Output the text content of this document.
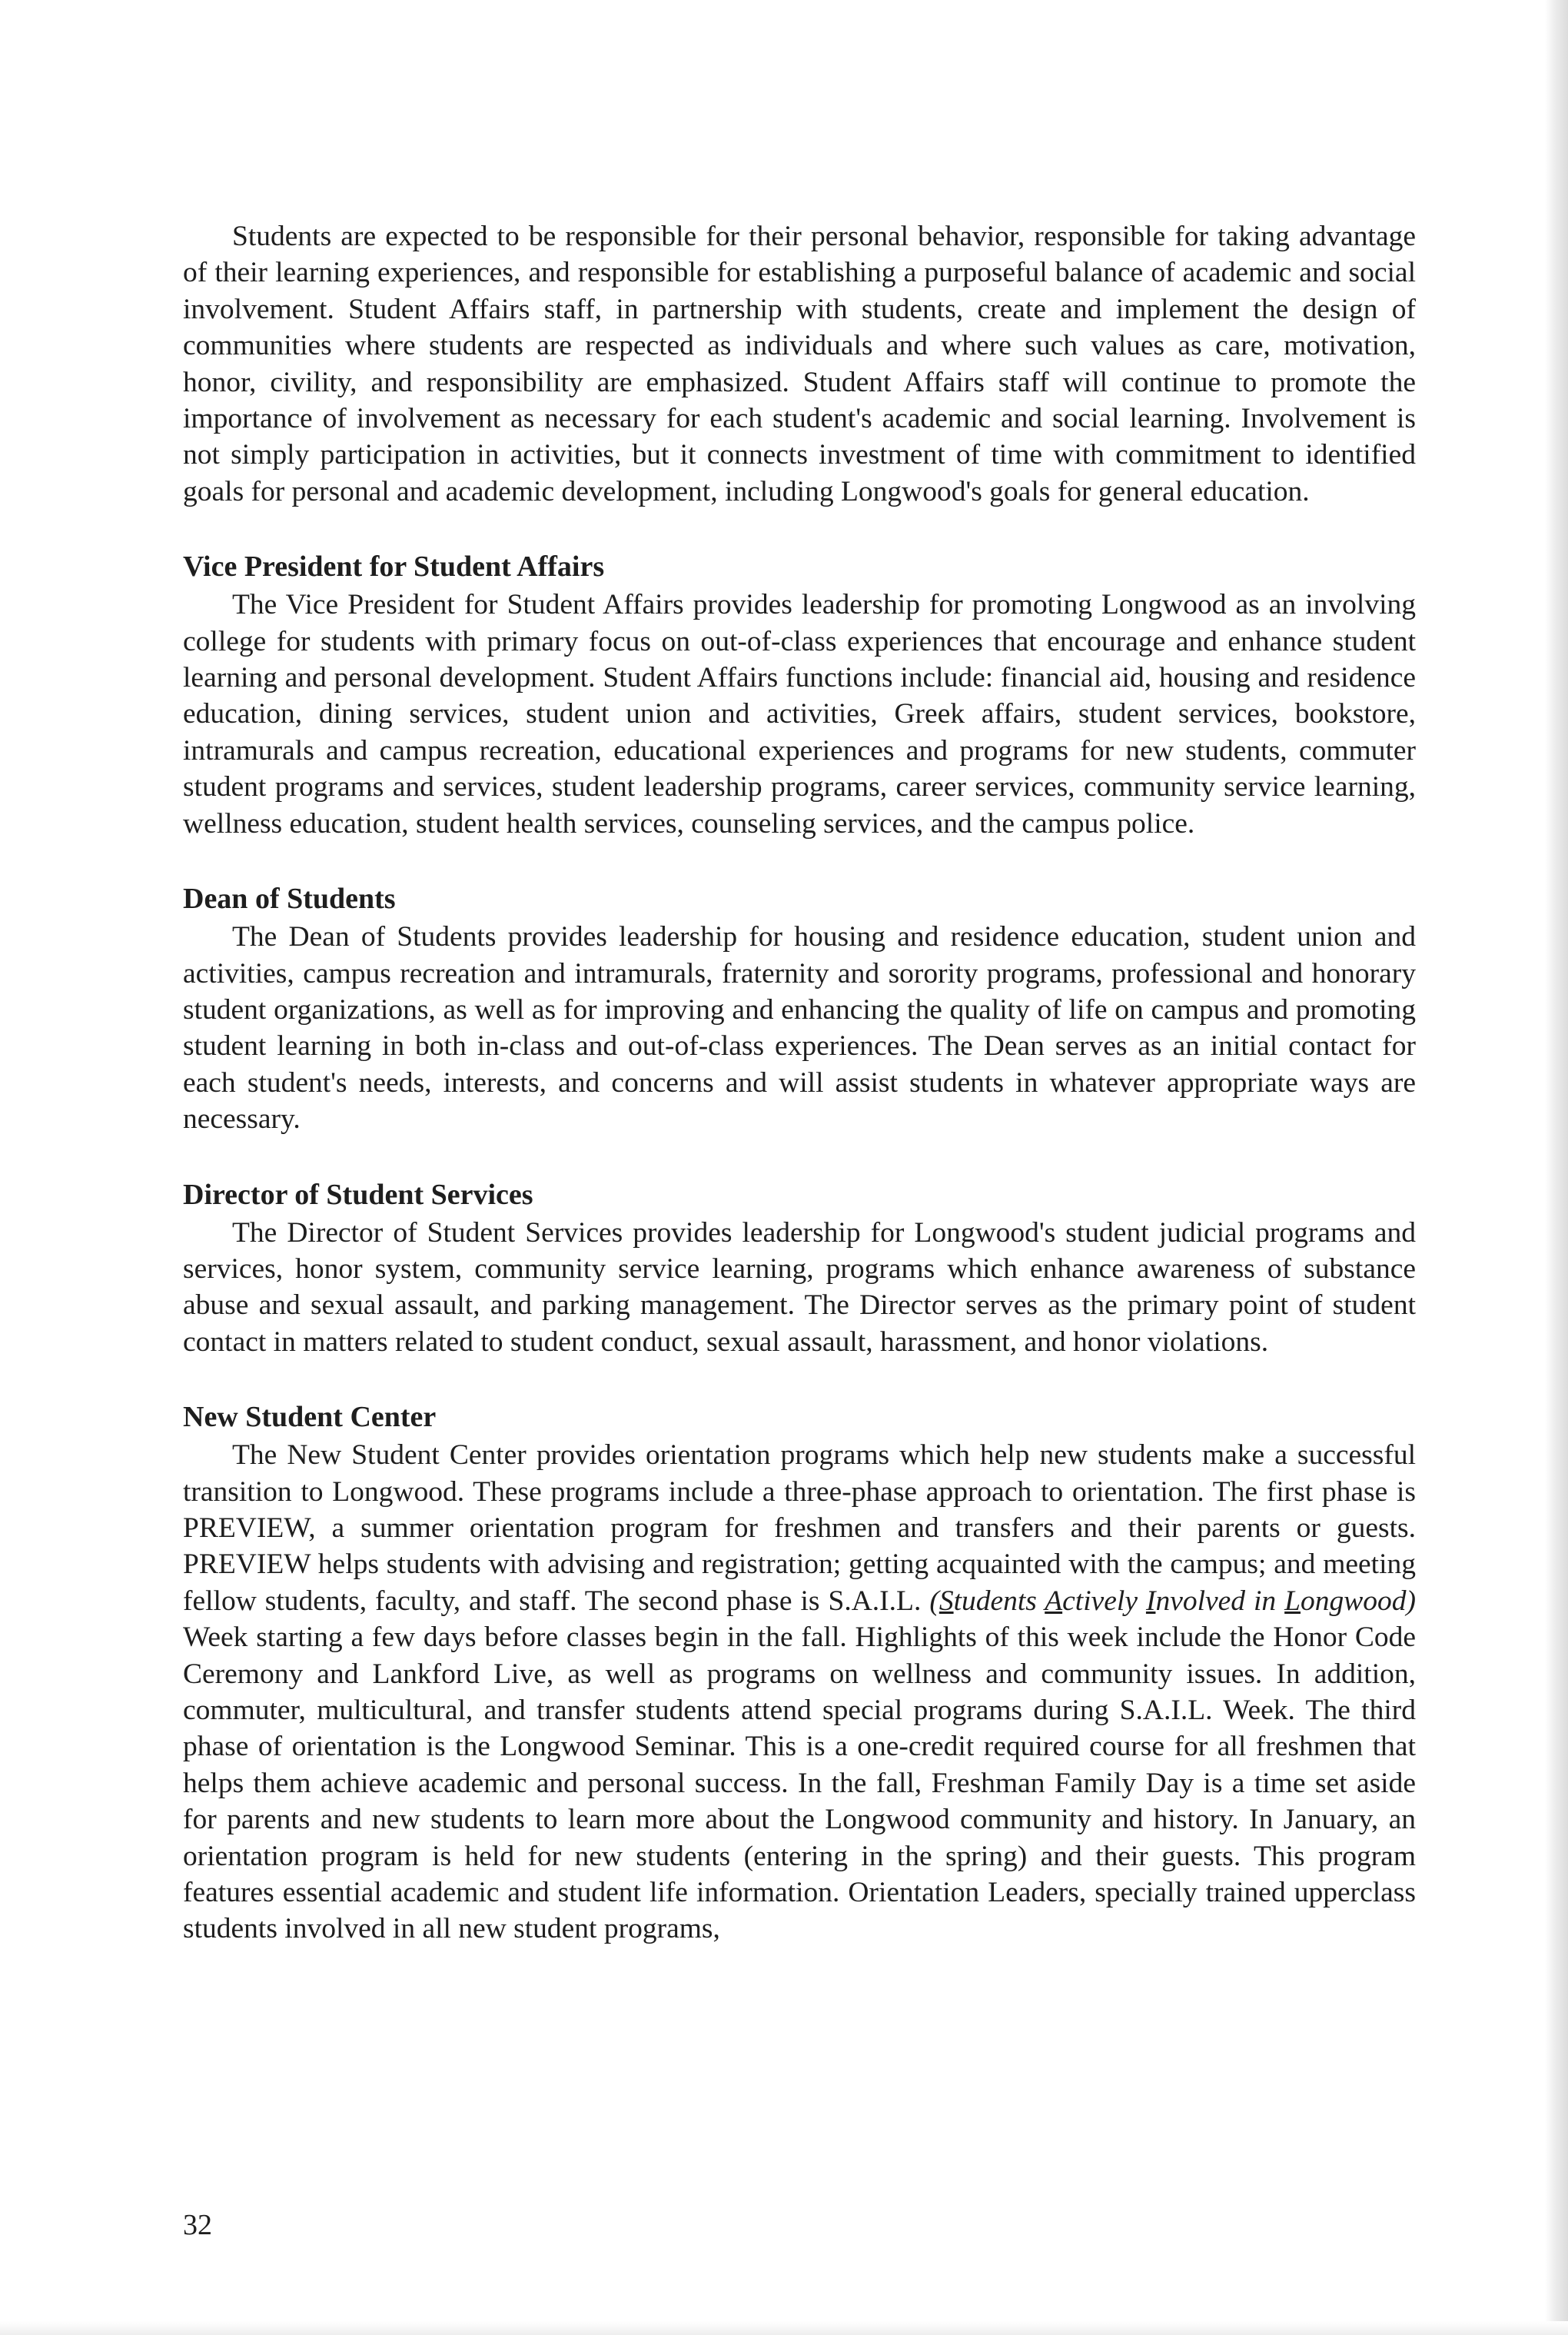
Students are expected to be responsible for their personal behavior, responsible for taking advantage of their learning experiences, and responsible for establishing a purposeful balance of academic and social involvement. Student Affairs staff, in partnership with students, create and implement the design of communities where students are respected as individuals and where such values as care, motivation, honor, civility, and responsibility are emphasized. Student Affairs staff will continue to promote the importance of involvement as necessary for each student's academic and social learning. Involvement is not simply participation in activities, but it connects investment of time with commitment to identified goals for personal and academic development, including Longwood's goals for general education.

Vice President for Student Affairs

The Vice President for Student Affairs provides leadership for promoting Longwood as an involving college for students with primary focus on out-of-class experiences that encourage and enhance student learning and personal development. Student Affairs functions include: financial aid, housing and residence education, dining services, student union and activities, Greek affairs, student services, bookstore, intramurals and campus recreation, educational experiences and programs for new students, commuter student programs and services, student leadership programs, career services, community service learning, wellness education, student health services, counseling services, and the campus police.

Dean of Students

The Dean of Students provides leadership for housing and residence education, student union and activities, campus recreation and intramurals, fraternity and sorority programs, professional and honorary student organizations, as well as for improving and enhancing the quality of life on campus and promoting student learning in both in-class and out-of-class experiences. The Dean serves as an initial contact for each student's needs, interests, and concerns and will assist students in whatever appropriate ways are necessary.

Director of Student Services

The Director of Student Services provides leadership for Longwood's student judicial programs and services, honor system, community service learning, programs which enhance awareness of substance abuse and sexual assault, and parking management. The Director serves as the primary point of student contact in matters related to student conduct, sexual assault, harassment, and honor violations.

New Student Center

The New Student Center provides orientation programs which help new students make a successful transition to Longwood. These programs include a three-phase approach to orientation. The first phase is PREVIEW, a summer orientation program for freshmen and transfers and their parents or guests. PREVIEW helps students with advising and registration; getting acquainted with the campus; and meeting fellow students, faculty, and staff. The second phase is S.A.I.L. (Students Actively Involved in Longwood) Week starting a few days before classes begin in the fall. Highlights of this week include the Honor Code Ceremony and Lankford Live, as well as programs on wellness and community issues. In addition, commuter, multicultural, and transfer students attend special programs during S.A.I.L. Week. The third phase of orientation is the Longwood Seminar. This is a one-credit required course for all freshmen that helps them achieve academic and personal success. In the fall, Freshman Family Day is a time set aside for parents and new students to learn more about the Longwood community and history. In January, an orientation program is held for new students (entering in the spring) and their guests. This program features essential academic and student life information. Orientation Leaders, specially trained upperclass students involved in all new student programs,

32
